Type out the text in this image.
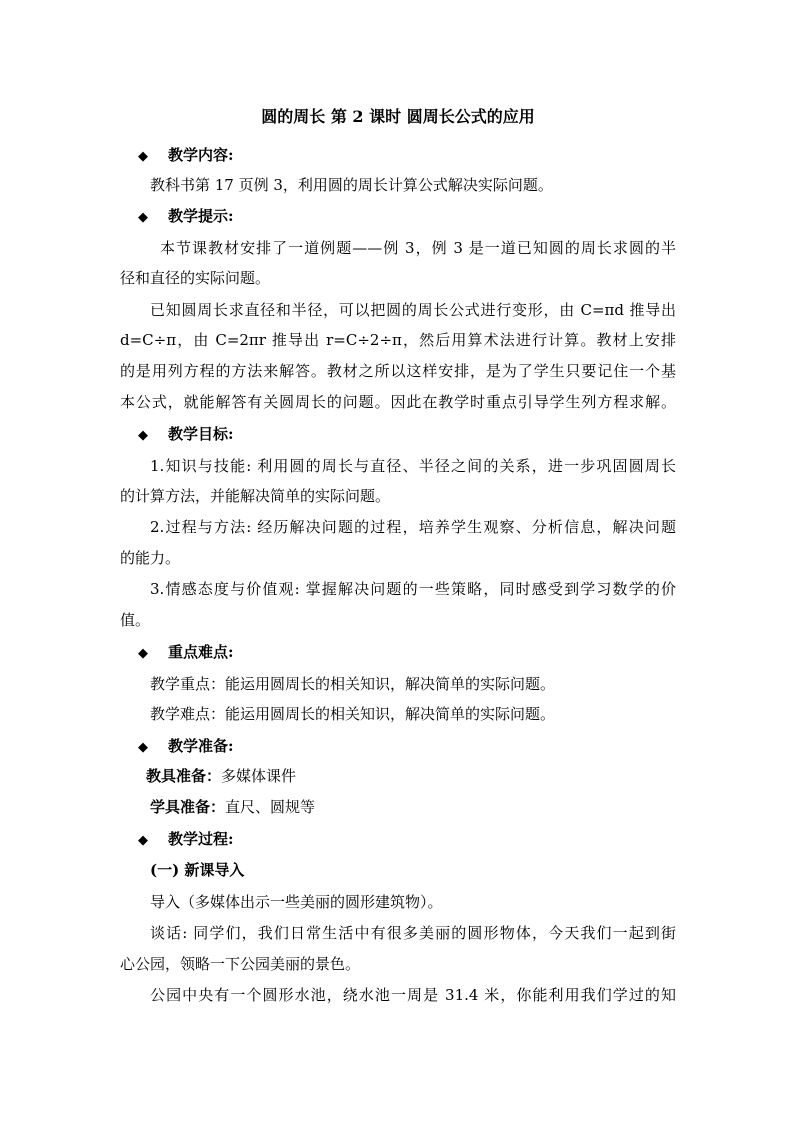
圆的周长 第 2 课时 圆周长公式的应用
◆ 教学内容:
教科书第 17 页例 3，利用圆的周长计算公式解决实际问题。
◆ 教学提示:
本节课教材安排了一道例题——例 3，例 3 是一道已知圆的周长求圆的半
径和直径的实际问题。
已知圆周长求直径和半径，可以把圆的周长公式进行变形，由 C=πd 推导出
d=C÷π，由 C=2πr 推导出 r=C÷2÷π，然后用算术法进行计算。教材上安排
的是用列方程的方法来解答。教材之所以这样安排，是为了学生只要记住一个基
本公式，就能解答有关圆周长的问题。因此在教学时重点引导学生列方程求解。
◆ 教学目标:
1.知识与技能: 利用圆的周长与直径、半径之间的关系，进一步巩固圆周长
的计算方法，并能解决简单的实际问题。
2.过程与方法: 经历解决问题的过程，培养学生观察、分析信息，解决问题
的能力。
3.情感态度与价值观: 掌握解决问题的一些策略，同时感受到学习数学的价
值。
◆ 重点难点:
教学重点：能运用圆周长的相关知识，解决简单的实际问题。
教学难点：能运用圆周长的相关知识，解决简单的实际问题。
◆ 教学准备:
教具准备：多媒体课件
学具准备：直尺、圆规等
◆ 教学过程:
(一) 新课导入
导入（多媒体出示一些美丽的圆形建筑物）。
谈话: 同学们，我们日常生活中有很多美丽的圆形物体，今天我们一起到街
心公园，领略一下公园美丽的景色。
公园中央有一个圆形水池，绕水池一周是 31.4 米，你能利用我们学过的知
